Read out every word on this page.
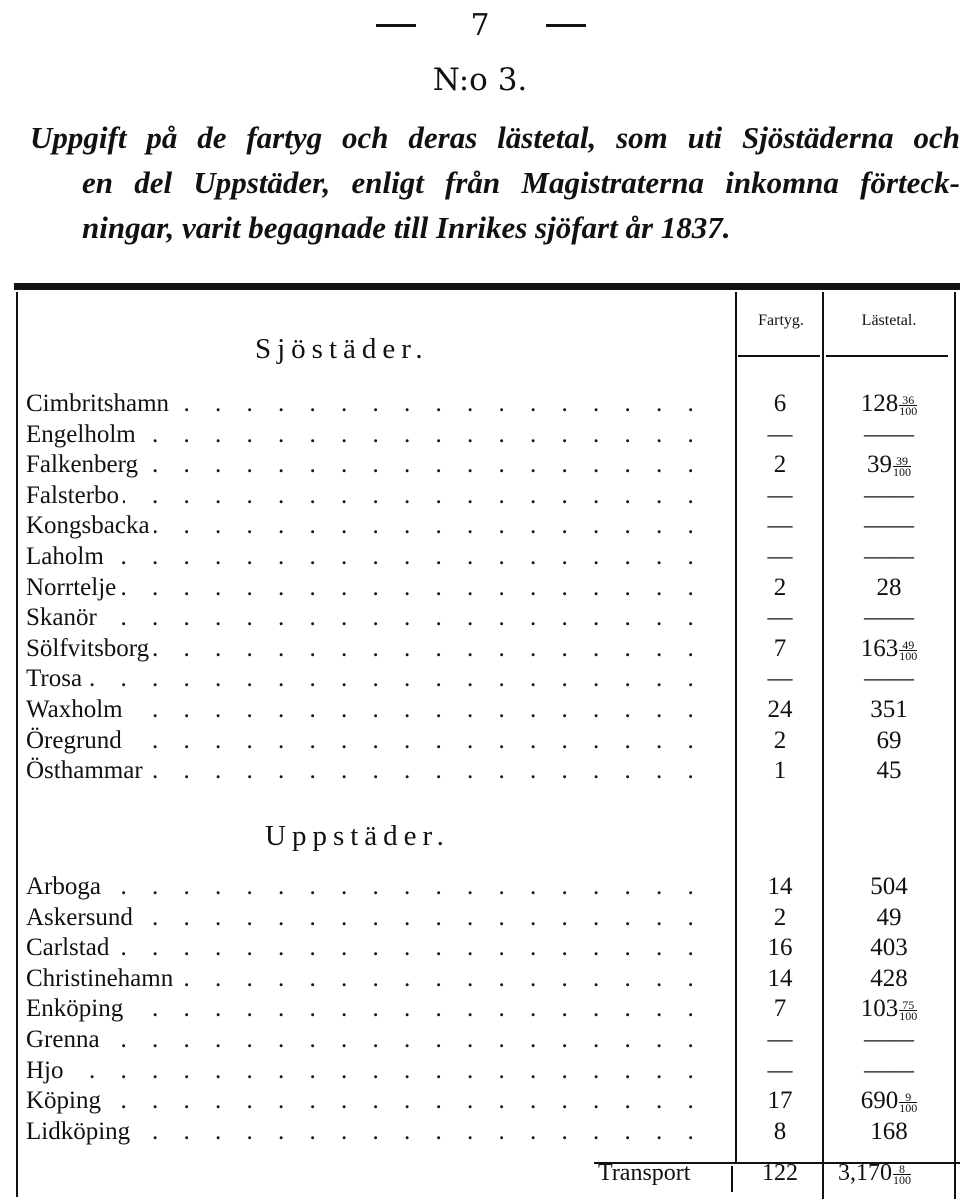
7
N:o 3.
Uppgift på de fartyg och deras lästetal, som uti Sjöstäderna och
en del Uppstäder, enligt från Magistraterna inkomna förteck-
ningar, varit begagnade till Inrikes sjöfart år 1837.
Fartyg.	Lästetal.
Sjöstäder.
Uppstäder.
. . .
Cimbritshamn	6	$128 \frac{36}{100}$
. . .
Engelholm	—	——
. . .
Falkenberg	2	$39 \frac{39}{100}$
. . .
Falsterbo	—	——
. . .
Kongsbacka	—	——
. . .
Laholm	—	——
. . .
Norrtelje	2	28
. . .
Skanör	—	——
. . .
Sölfvitsborg	7	$163 \frac{49}{100}$
. . .
Trosa	—	——
. . .
Waxholm	24	351
. . .
Öregrund	2	69
. . .
Östhammar	1	45
. . .
Arboga	14	504
. . .
Askersund	2	49
. . .
Carlstad	16	403
. . .
Christinehamn	14	428
. . .
Enköping	7	$103 \frac{75}{100}$
. . .
Grenna	—	——
. . .
Hjo	—	——
. . .
Köping	17	$690 \frac{9}{100}$
. . .
Lidköping	8	168
Transport	122	$3,170 \frac{8}{100}$
